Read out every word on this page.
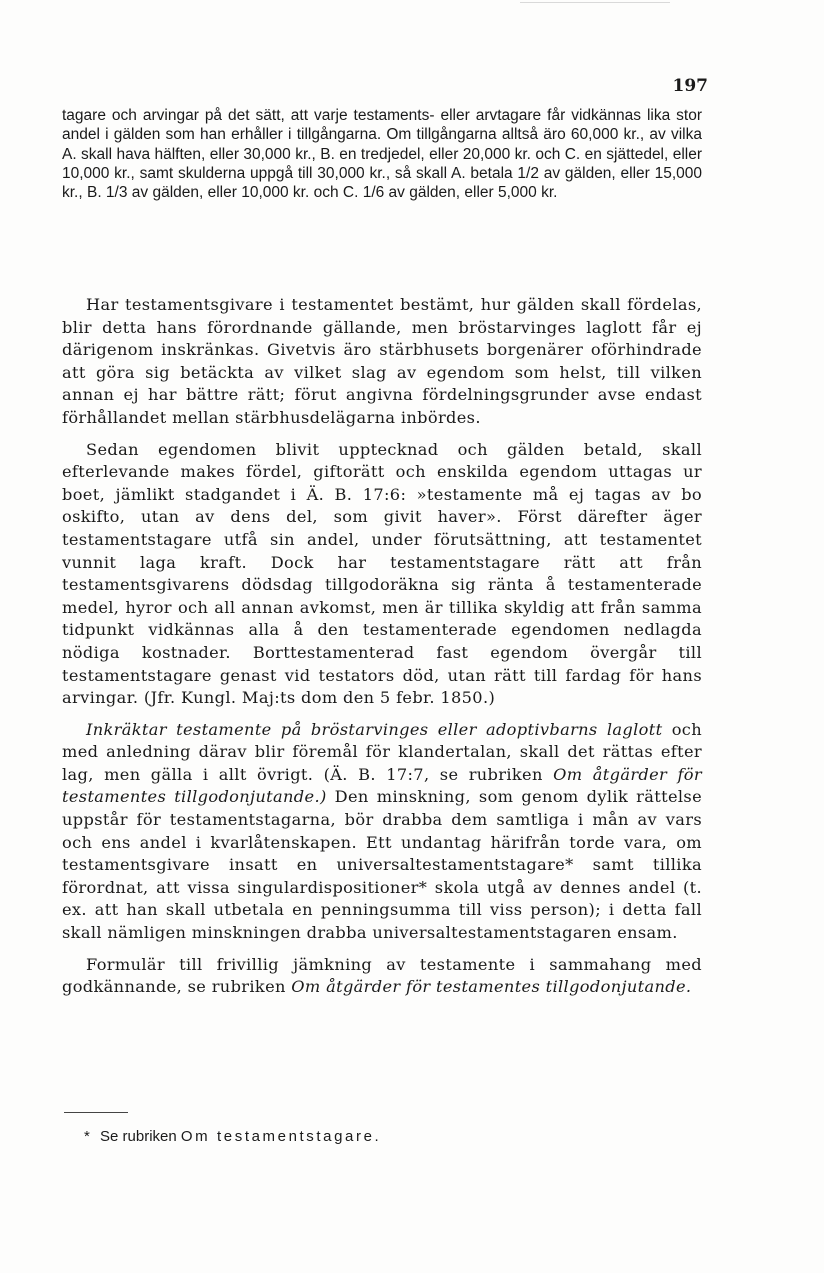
197

tagare och arvingar på det sätt, att varje testaments- eller arvtagare får vidkännas lika stor andel i gälden som han erhåller i tillgångarna. Om tillgångarna alltså äro 60,000 kr., av vilka A. skall hava hälften, eller 30,000 kr., B. en tredjedel, eller 20,000 kr. och C. en sjättedel, eller 10,000 kr., samt skulderna uppgå till 30,000 kr., så skall A. betala 1/2 av gälden, eller 15,000 kr., B. 1/3 av gälden, eller 10,000 kr. och C. 1/6 av gälden, eller 5,000 kr.

Har testamentsgivare i testamentet bestämt, hur gälden skall fördelas, blir detta hans förordnande gällande, men bröstarvinges laglott får ej därigenom inskränkas. Givetvis äro stärbhusets borgenärer oförhindrade att göra sig betäckta av vilket slag av egendom som helst, till vilken annan ej har bättre rätt; förut angivna fördelningsgrunder avse endast förhållandet mellan stärbhusdelägarna inbördes.

Sedan egendomen blivit upptecknad och gälden betald, skall efterlevande makes fördel, giftorätt och enskilda egendom uttagas ur boet, jämlikt stadgandet i Ä. B. 17:6: »testamente må ej tagas av bo oskifto, utan av dens del, som givit haver». Först därefter äger testamentstagare utfå sin andel, under förutsättning, att testamentet vunnit laga kraft. Dock har testamentstagare rätt att från testamentsgivarens dödsdag tillgodoräkna sig ränta å testamenterade medel, hyror och all annan avkomst, men är tillika skyldig att från samma tidpunkt vidkännas alla å den testamenterade egendomen nedlagda nödiga kostnader. Borttestamenterad fast egendom övergår till testamentstagare genast vid testators död, utan rätt till fardag för hans arvingar. (Jfr. Kungl. Maj:ts dom den 5 febr. 1850.)

Inkräktar testamente på bröstarvinges eller adoptivbarns laglott och med anledning därav blir föremål för klandertalan, skall det rättas efter lag, men gälla i allt övrigt. (Ä. B. 17:7, se rubriken Om åtgärder för testamentes tillgodonjutande.) Den minskning, som genom dylik rättelse uppstår för testamentstagarna, bör drabba dem samtliga i mån av vars och ens andel i kvarlåtenskapen. Ett undantag härifrån torde vara, om testamentsgivare insatt en universaltestamentstagare* samt tillika förordnat, att vissa singulardispositioner* skola utgå av dennes andel (t. ex. att han skall utbetala en penningsumma till viss person); i detta fall skall nämligen minskningen drabba universaltestamentstagaren ensam.

Formulär till frivillig jämkning av testamente i sammahang med godkännande, se rubriken Om åtgärder för testamentes tillgodonjutande.

* Se rubriken Om testamentstagare.
